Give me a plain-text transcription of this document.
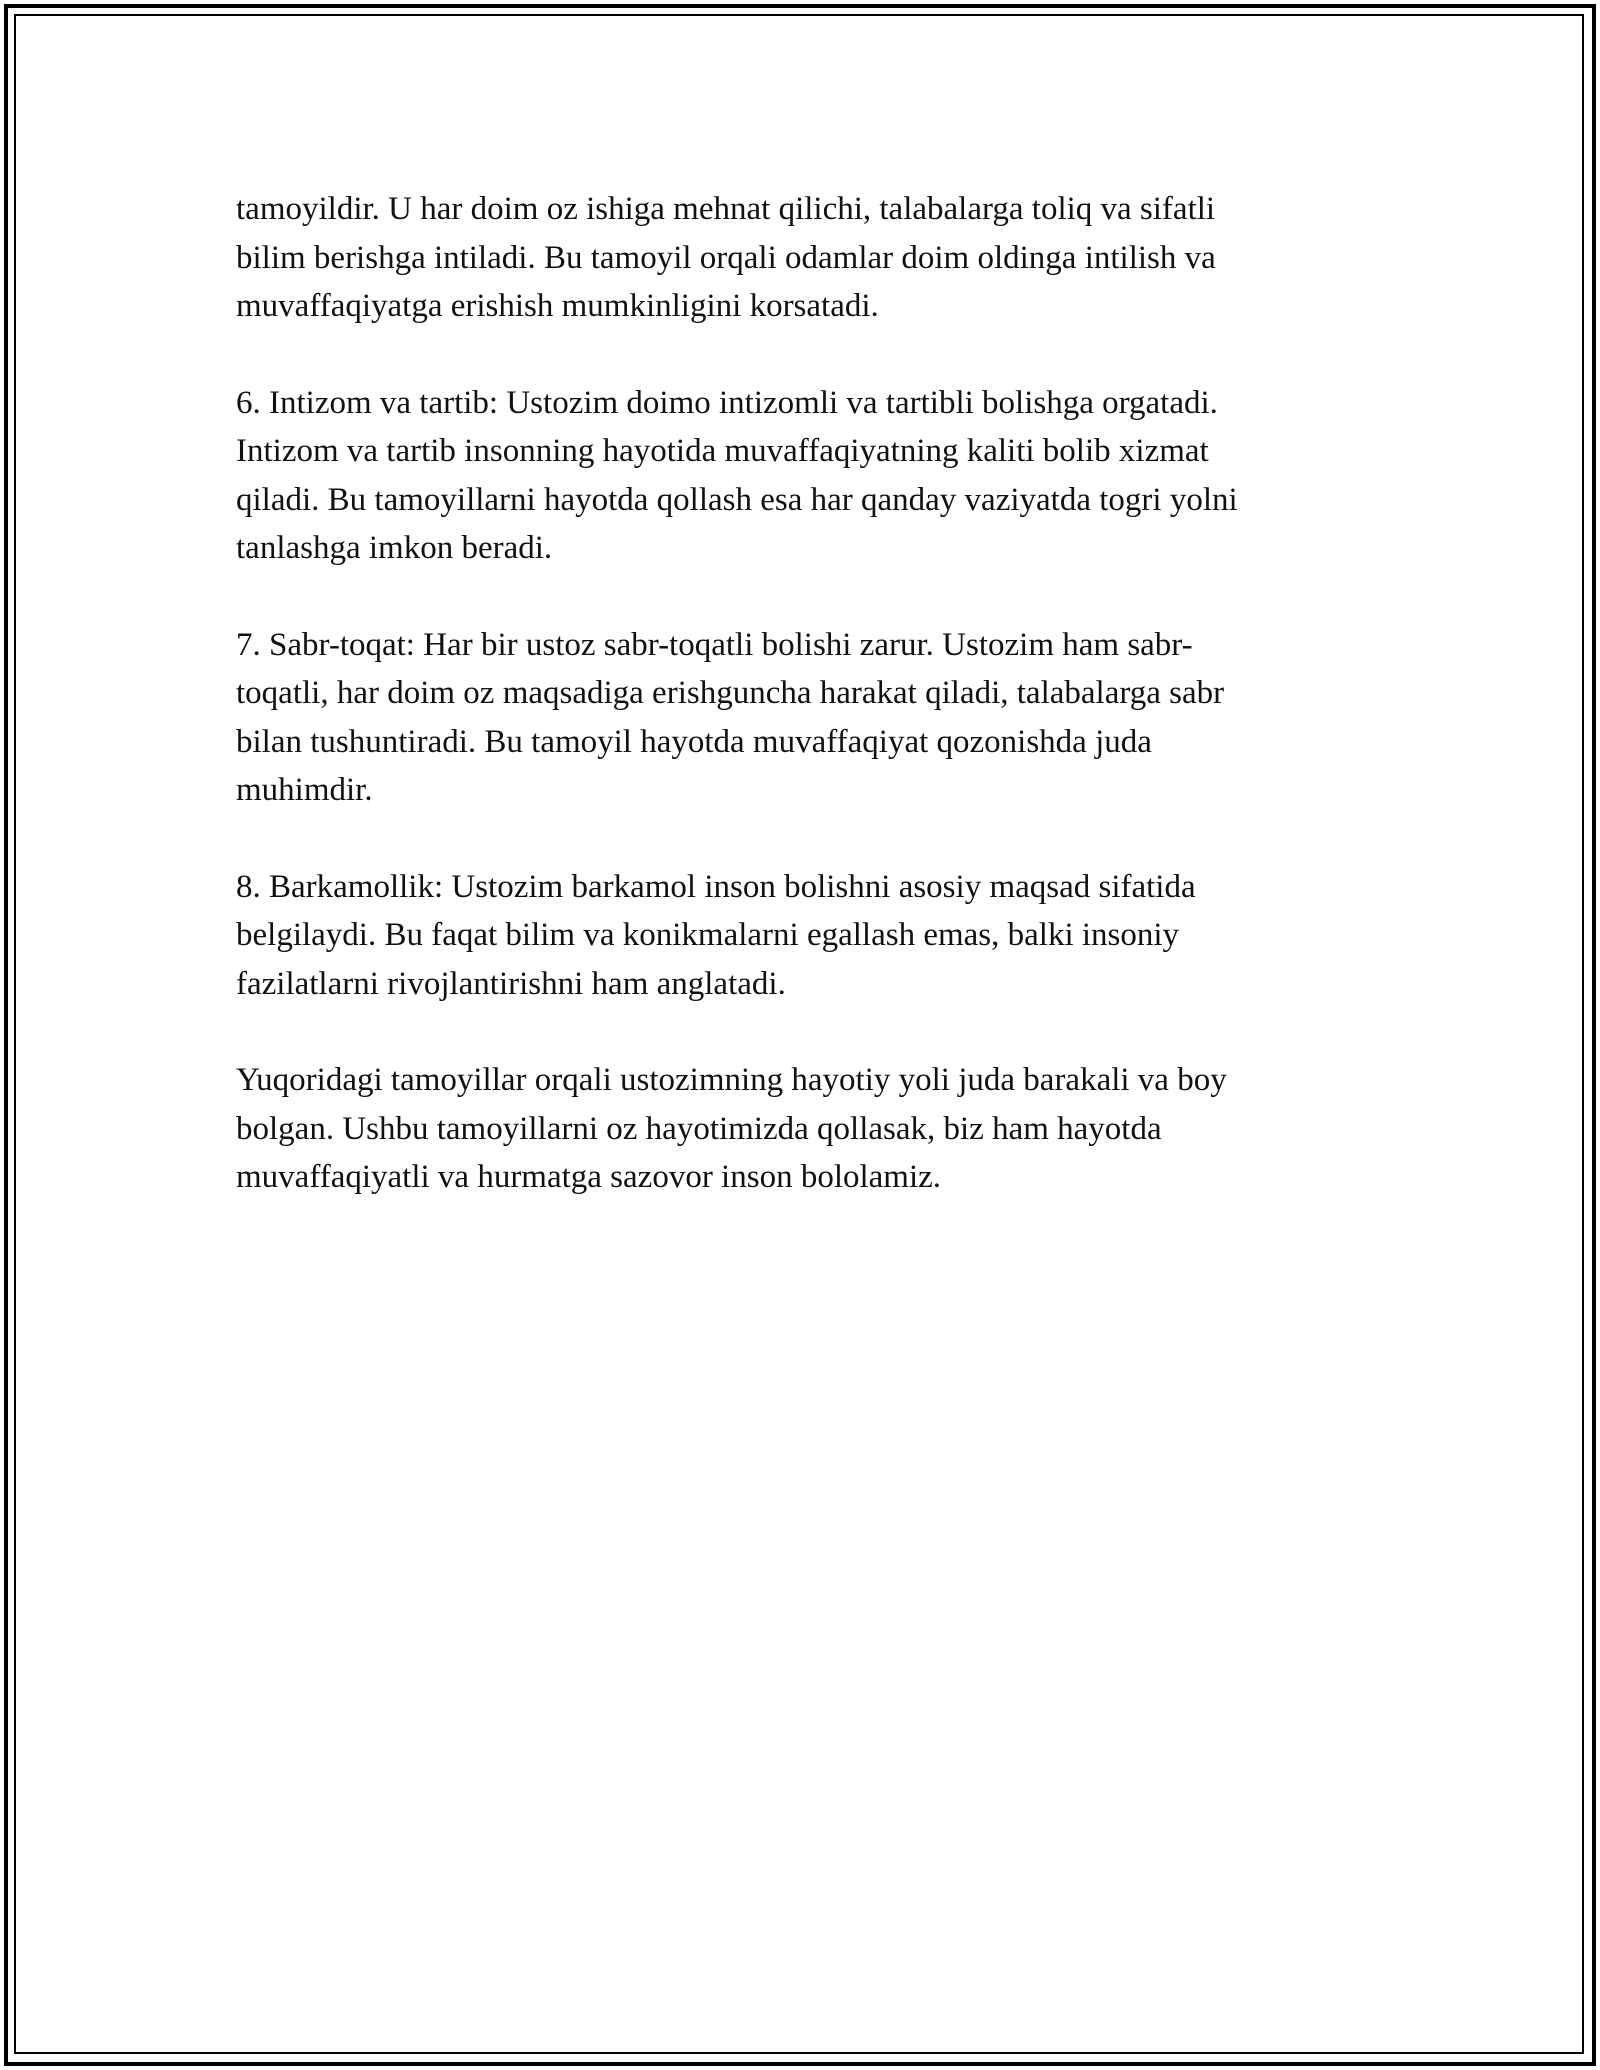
tamoyildir. U har doim oz ishiga mehnat qilichi, talabalarga toliq va sifatli
bilim berishga intiladi. Bu tamoyil orqali odamlar doim oldinga intilish va
muvaffaqiyatga erishish mumkinligini korsatadi.

6. Intizom va tartib: Ustozim doimo intizomli va tartibli bolishga orgatadi.
Intizom va tartib insonning hayotida muvaffaqiyatning kaliti bolib xizmat
qiladi. Bu tamoyillarni hayotda qollash esa har qanday vaziyatda togri yolni
tanlashga imkon beradi.

7. Sabr-toqat: Har bir ustoz sabr-toqatli bolishi zarur. Ustozim ham sabr-
toqatli, har doim oz maqsadiga erishguncha harakat qiladi, talabalarga sabr
bilan tushuntiradi. Bu tamoyil hayotda muvaffaqiyat qozonishda juda
muhimdir.

8. Barkamollik: Ustozim barkamol inson bolishni asosiy maqsad sifatida
belgilaydi. Bu faqat bilim va konikmalarni egallash emas, balki insoniy
fazilatlarni rivojlantirishni ham anglatadi.

Yuqoridagi tamoyillar orqali ustozimning hayotiy yoli juda barakali va boy
bolgan. Ushbu tamoyillarni oz hayotimizda qollasak, biz ham hayotda
muvaffaqiyatli va hurmatga sazovor inson bololamiz.
